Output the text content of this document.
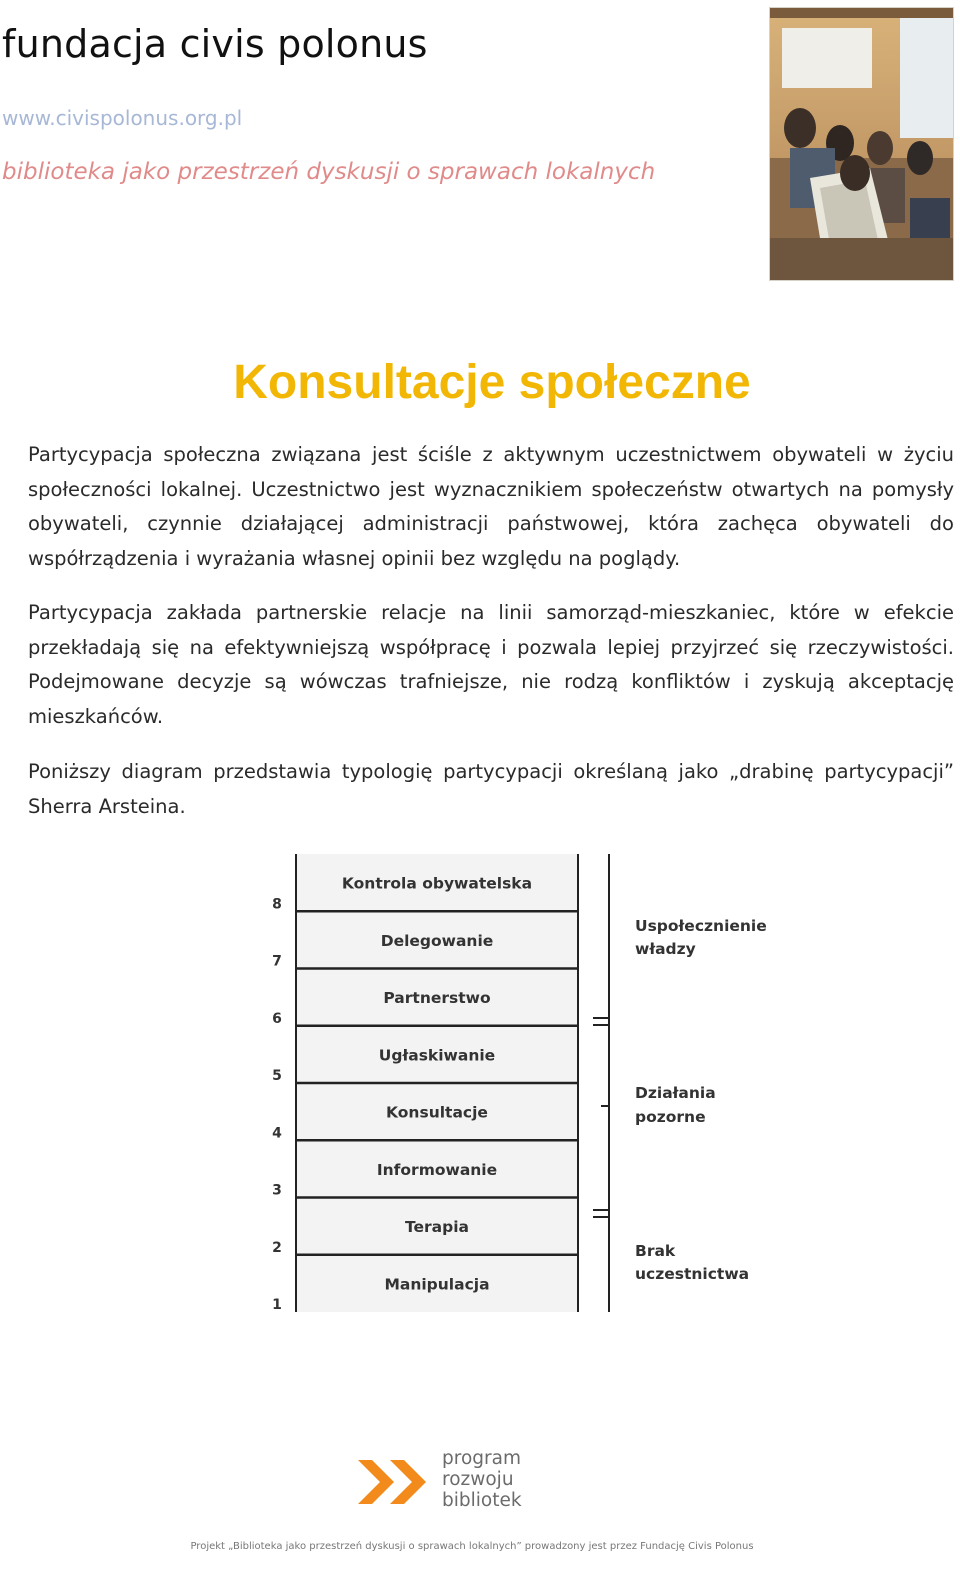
fundacja civis polonus
www.civispolonus.org.pl
biblioteka jako przestrzeń dyskusji o sprawach lokalnych
Konsultacje społeczne

Partycypacja społeczna związana jest ściśle z aktywnym uczestnictwem obywateli w życiu społeczności lokalnej. Uczestnictwo jest wyznacznikiem społeczeństw otwartych na pomysły obywateli, czynnie działającej administracji państwowej, która zachęca obywateli do współrządzenia i wyrażania własnej opinii bez względu na poglądy.

Partycypacja zakłada partnerskie relacje na linii samorząd-mieszkaniec, które w efekcie przekładają się na efektywniejszą współpracę i pozwala lepiej przyjrzeć się rzeczywistości. Podejmowane decyzje są wówczas trafniejsze, nie rodzą konfliktów i zyskują akceptację mieszkańców.

Poniższy diagram przedstawia typologię partycypacji określaną jako „drabinę partycypacji” Sherra Arsteina.

Kontrola obywatelska
Delegowanie
Partnerstwo
Ugłaskiwanie
Konsultacje
Informowanie
Terapia
Manipulacja
8
7
6
5
4
3
2
1
Uspołecznienie
władzy
Działania
pozorne
Brak
uczestnictwa
program
rozwoju
bibliotek
Projekt „Biblioteka jako przestrzeń dyskusji o sprawach lokalnych” prowadzony jest przez Fundację Civis Polonus
